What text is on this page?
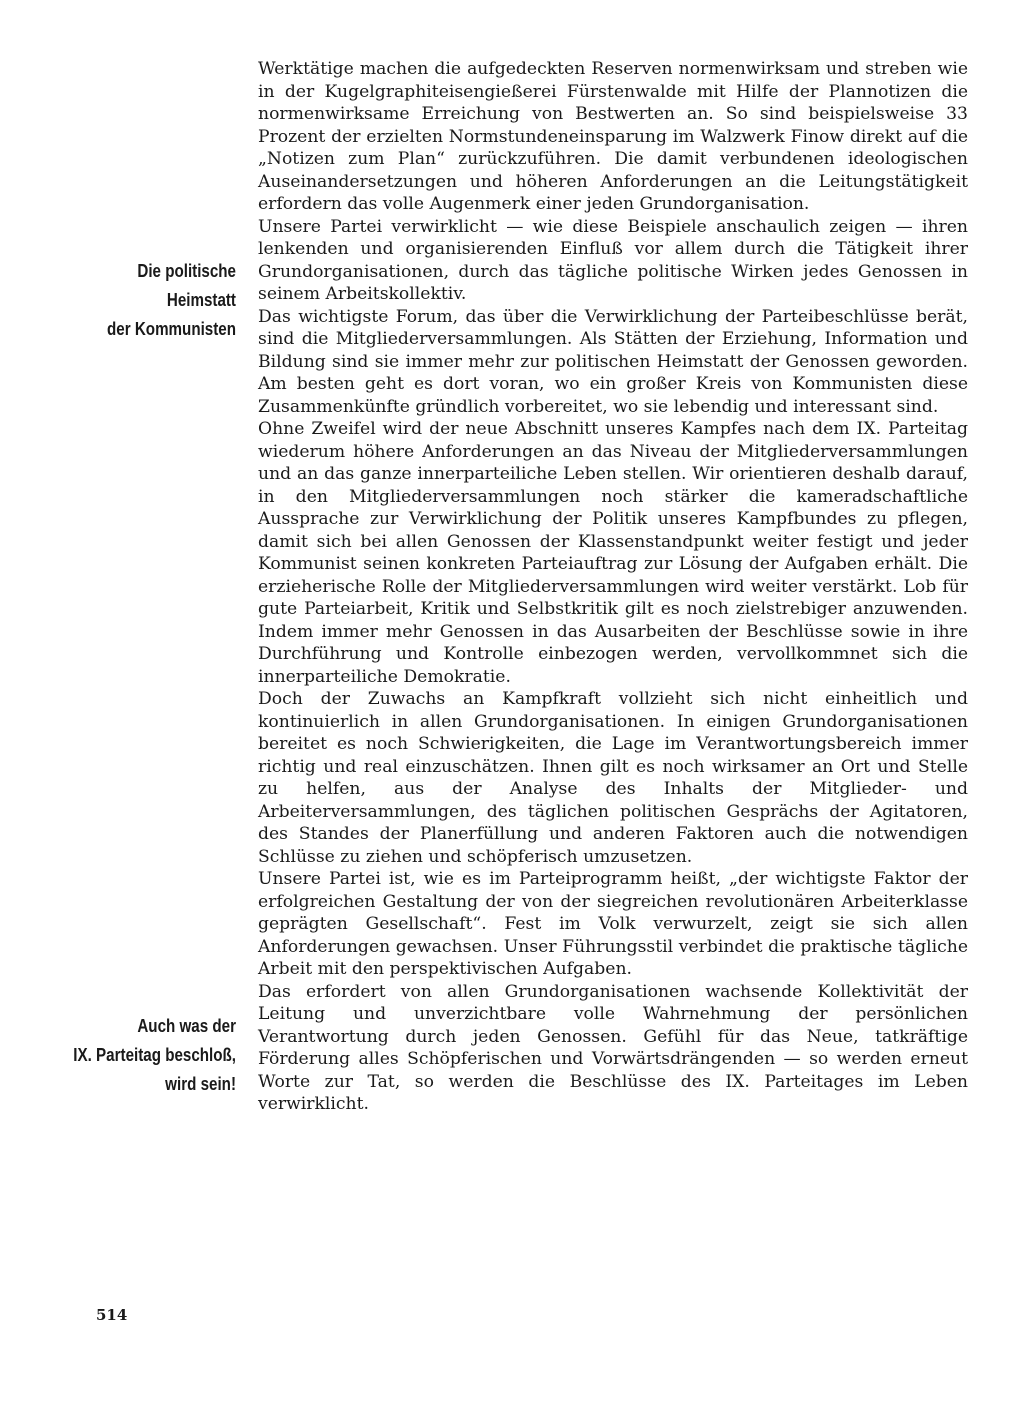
Werktätige machen die aufgedeckten Reserven normenwirksam und streben wie in der Kugelgraphiteisengießerei Fürstenwalde mit Hilfe der Plannotizen die normenwirksame Erreichung von Bestwerten an. So sind beispielsweise 33 Prozent der erzielten Normstundeneinsparung im Walzwerk Finow direkt auf die „Notizen zum Plan“ zurückzuführen. Die damit verbundenen ideologischen Auseinandersetzungen und höheren Anforderungen an die Leitungstätigkeit erfordern das volle Augenmerk einer jeden Grundorganisation.

Unsere Partei verwirklicht — wie diese Beispiele anschaulich zeigen — ihren lenkenden und organisierenden Einfluß vor allem durch die Tätigkeit ihrer Grundorganisationen, durch das tägliche politische Wirken jedes Genossen in seinem Arbeitskollektiv.

Das wichtigste Forum, das über die Verwirklichung der Parteibeschlüsse berät, sind die Mitgliederversammlungen. Als Stätten der Erziehung, Information und Bildung sind sie immer mehr zur politischen Heimstatt der Genossen geworden. Am besten geht es dort voran, wo ein großer Kreis von Kommunisten diese Zusammenkünfte gründlich vorbereitet, wo sie lebendig und interessant sind.

Ohne Zweifel wird der neue Abschnitt unseres Kampfes nach dem IX. Parteitag wiederum höhere Anforderungen an das Niveau der Mitgliederversammlungen und an das ganze innerparteiliche Leben stellen. Wir orientieren deshalb darauf, in den Mitgliederversammlungen noch stärker die kameradschaftliche Aussprache zur Verwirklichung der Politik unseres Kampfbundes zu pflegen, damit sich bei allen Genossen der Klassenstandpunkt weiter festigt und jeder Kommunist seinen konkreten Parteiauftrag zur Lösung der Aufgaben erhält. Die erzieherische Rolle der Mitgliederversammlungen wird weiter verstärkt. Lob für gute Parteiarbeit, Kritik und Selbstkritik gilt es noch zielstrebiger anzuwenden. Indem immer mehr Genossen in das Ausarbeiten der Beschlüsse sowie in ihre Durchführung und Kontrolle einbezogen werden, vervollkommnet sich die innerparteiliche Demokratie.

Doch der Zuwachs an Kampfkraft vollzieht sich nicht einheitlich und kontinuierlich in allen Grundorganisationen. In einigen Grundorganisationen bereitet es noch Schwierigkeiten, die Lage im Verantwortungsbereich immer richtig und real einzuschätzen. Ihnen gilt es noch wirksamer an Ort und Stelle zu helfen, aus der Analyse des Inhalts der Mitglieder- und Arbeiterversammlungen, des täglichen politischen Gesprächs der Agitatoren, des Standes der Planerfüllung und anderen Faktoren auch die notwendigen Schlüsse zu ziehen und schöpferisch umzusetzen.

Unsere Partei ist, wie es im Parteiprogramm heißt, „der wichtigste Faktor der erfolgreichen Gestaltung der von der siegreichen revolutionären Arbeiterklasse geprägten Gesellschaft“. Fest im Volk verwurzelt, zeigt sie sich allen Anforderungen gewachsen. Unser Führungsstil verbindet die praktische tägliche Arbeit mit den perspektivischen Aufgaben.

Das erfordert von allen Grundorganisationen wachsende Kollektivität der Leitung und unverzichtbare volle Wahrnehmung der persönlichen Verantwortung durch jeden Genossen. Gefühl für das Neue, tatkräftige Förderung alles Schöpferischen und Vorwärtsdrängenden — so werden erneut Worte zur Tat, so werden die Beschlüsse des IX. Parteitages im Leben verwirklicht.

Die politische
Heimstatt
der Kommunisten
Auch was der
IX. Parteitag beschloß,
wird sein!
514
